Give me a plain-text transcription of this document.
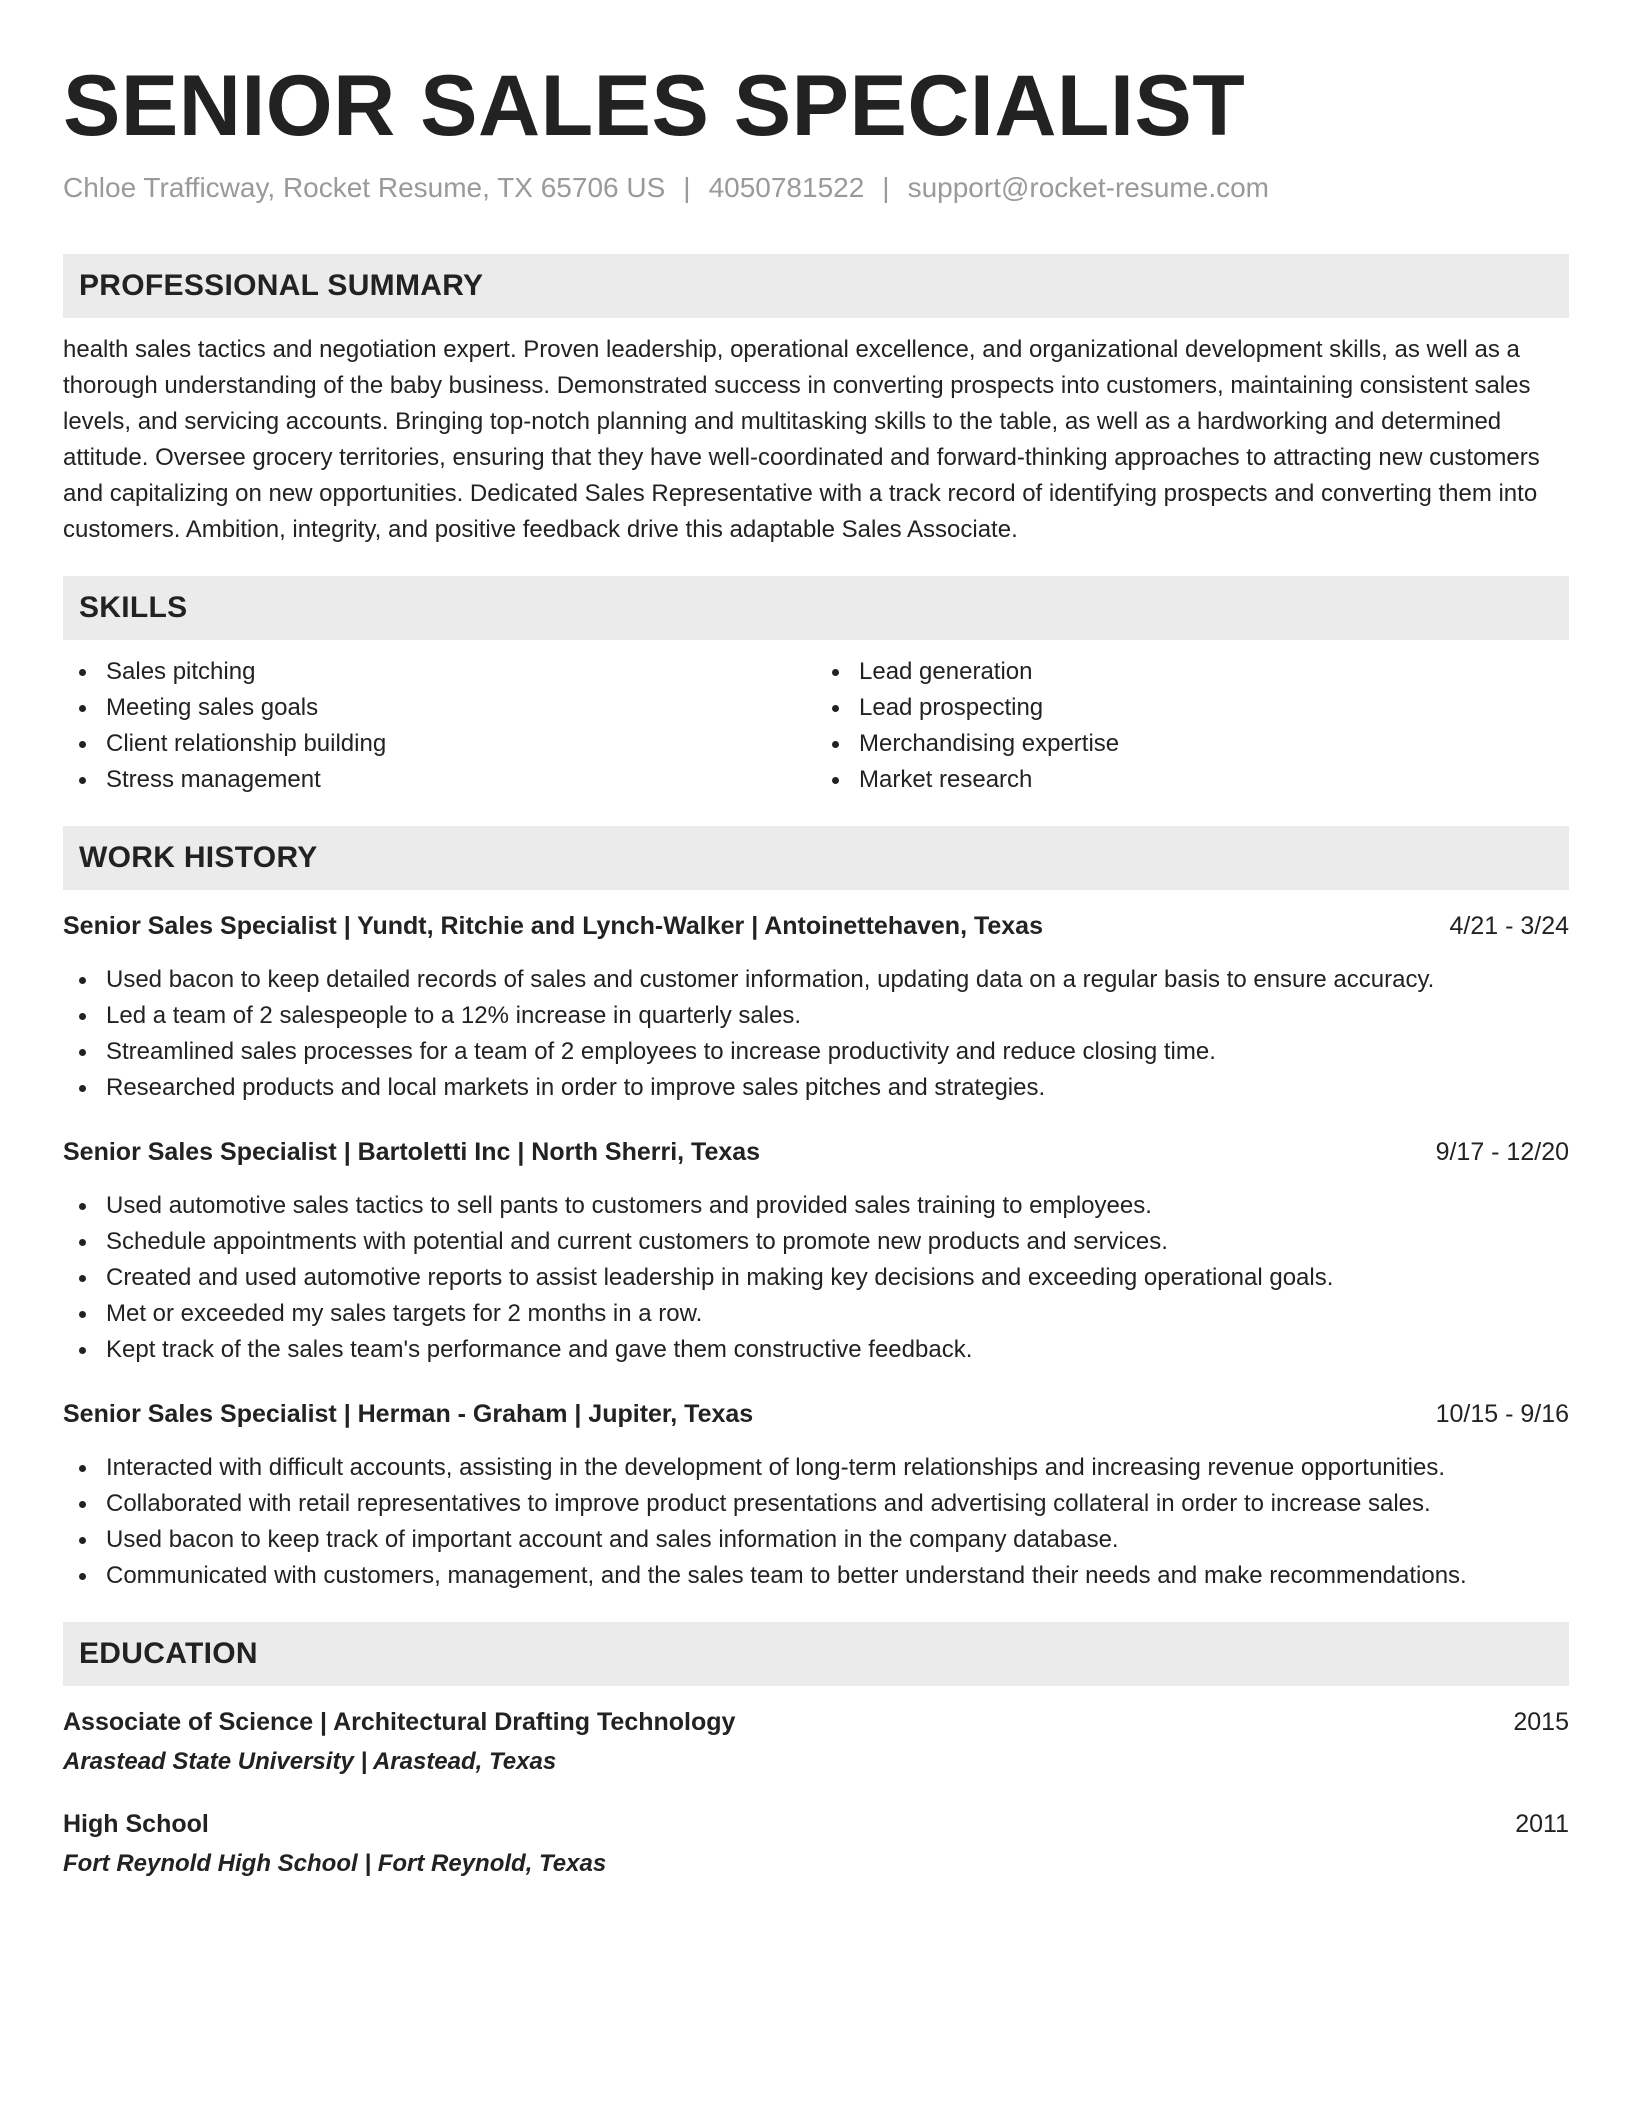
SENIOR SALES SPECIALIST
Chloe Trafficway, Rocket Resume, TX 65706 US | 4050781522 | support@rocket-resume.com
PROFESSIONAL SUMMARY
health sales tactics and negotiation expert. Proven leadership, operational excellence, and organizational development skills, as well as a thorough understanding of the baby business. Demonstrated success in converting prospects into customers, maintaining consistent sales levels, and servicing accounts. Bringing top-notch planning and multitasking skills to the table, as well as a hardworking and determined attitude. Oversee grocery territories, ensuring that they have well-coordinated and forward-thinking approaches to attracting new customers and capitalizing on new opportunities. Dedicated Sales Representative with a track record of identifying prospects and converting them into customers. Ambition, integrity, and positive feedback drive this adaptable Sales Associate.
SKILLS
Sales pitching
Meeting sales goals
Client relationship building
Stress management
Lead generation
Lead prospecting
Merchandising expertise
Market research
WORK HISTORY
Senior Sales Specialist | Yundt, Ritchie and Lynch-Walker | Antoinettehaven, Texas	4/21 - 3/24
Used bacon to keep detailed records of sales and customer information, updating data on a regular basis to ensure accuracy.
Led a team of 2 salespeople to a 12% increase in quarterly sales.
Streamlined sales processes for a team of 2 employees to increase productivity and reduce closing time.
Researched products and local markets in order to improve sales pitches and strategies.
Senior Sales Specialist | Bartoletti Inc | North Sherri, Texas	9/17 - 12/20
Used automotive sales tactics to sell pants to customers and provided sales training to employees.
Schedule appointments with potential and current customers to promote new products and services.
Created and used automotive reports to assist leadership in making key decisions and exceeding operational goals.
Met or exceeded my sales targets for 2 months in a row.
Kept track of the sales team's performance and gave them constructive feedback.
Senior Sales Specialist | Herman - Graham | Jupiter, Texas	10/15 - 9/16
Interacted with difficult accounts, assisting in the development of long-term relationships and increasing revenue opportunities.
Collaborated with retail representatives to improve product presentations and advertising collateral in order to increase sales.
Used bacon to keep track of important account and sales information in the company database.
Communicated with customers, management, and the sales team to better understand their needs and make recommendations.
EDUCATION
Associate of Science | Architectural Drafting Technology	2015
Arastead State University | Arastead, Texas
High School	2011
Fort Reynold High School | Fort Reynold, Texas
